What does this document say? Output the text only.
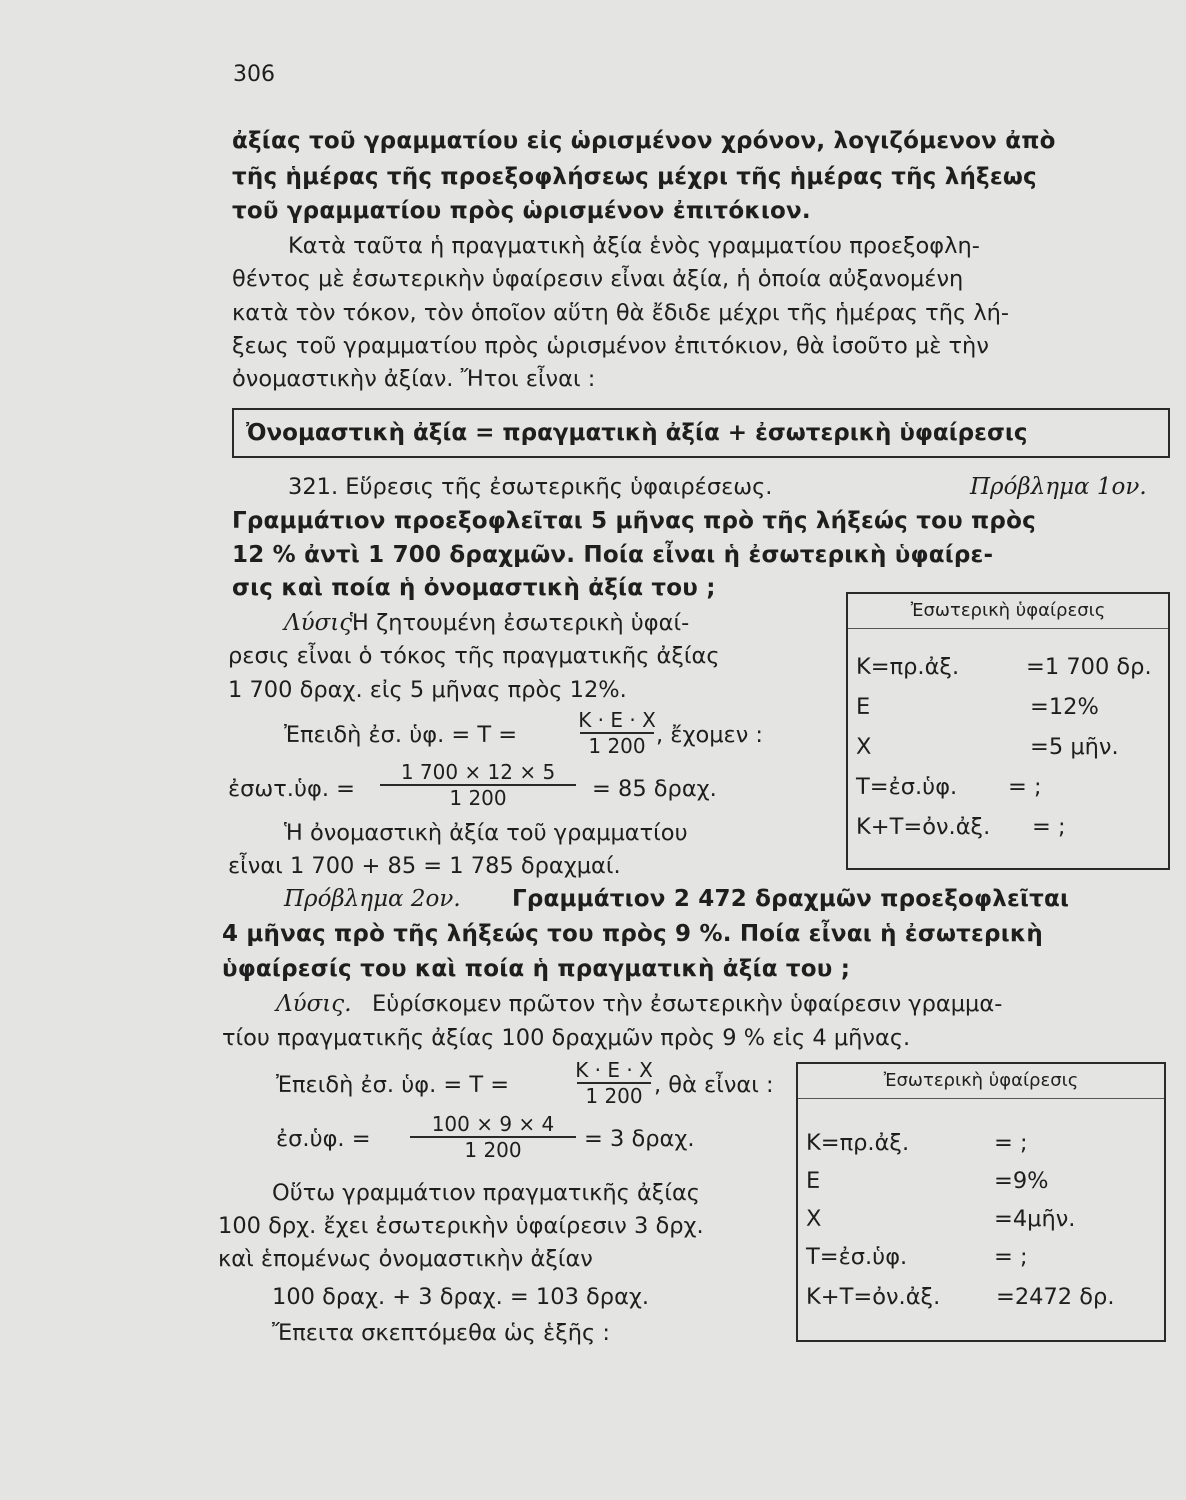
306
ἀξίας τοῦ γραμματίου εἰς ὡρισμένον χρόνον, λογιζόμενον ἀπὸ
τῆς ἡμέρας τῆς προεξοφλήσεως μέχρι τῆς ἡμέρας τῆς λήξεως
τοῦ γραμματίου πρὸς ὡρισμένον ἐπιτόκιον.
Κατὰ ταῦτα ἡ πραγματικὴ ἀξία ἑνὸς γραμματίου προεξοφλη-
θέντος μὲ ἐσωτερικὴν ὑφαίρεσιν εἶναι ἀξία, ἡ ὁποία αὐξανομένη
κατὰ τὸν τόκον, τὸν ὁποῖον αὕτη θὰ ἔδιδε μέχρι τῆς ἡμέρας τῆς λή-
ξεως τοῦ γραμματίου πρὸς ὡρισμένον ἐπιτόκιον, θὰ ἰσοῦτο μὲ τὴν
ὀνομαστικὴν ἀξίαν. Ἤτοι εἶναι :
Ὀνομαστικὴ ἀξία = πραγματικὴ ἀξία + ἐσωτερικὴ ὑφαίρεσις
321. Εὕρεσις τῆς ἐσωτερικῆς ὑφαιρέσεως.	Πρόβλημα 1ον.
Γραμμάτιον προεξοφλεῖται 5 μῆνας πρὸ τῆς λήξεώς του πρὸς
12 % ἀντὶ 1 700 δραχμῶν. Ποία εἶναι ἡ ἐσωτερικὴ ὑφαίρε-
σις καὶ ποία ἡ ὀνομαστικὴ ἀξία του ;
Λύσις.
Ἡ ζητουμένη ἐσωτερικὴ ὑφαί-
ρεσις εἶναι ὁ τόκος τῆς πραγματικῆς ἀξίας
1 700 δραχ. εἰς 5 μῆνας πρὸς 12%.
Ἐπειδὴ ἐσ. ὑφ. = Τ =
Κ · Ε · Χ
1 200 , ἔχομεν :
ἐσωτ.ὑφ. =
1 700 × 12 × 5
1 200	= 85 δραχ.
Ἡ ὀνομαστικὴ ἀξία τοῦ γραμματίου
εἶναι 1 700 + 85 = 1 785 δραχμαί.
Πρόβλημα 2ον. Γραμμάτιον 2 472 δραχμῶν προεξοφλεῖται
4 μῆνας πρὸ τῆς λήξεώς του πρὸς 9 %. Ποία εἶναι ἡ ἐσωτερικὴ
ὑφαίρεσίς του καὶ ποία ἡ πραγματικὴ ἀξία του ;
Λύσις. Εὑρίσκομεν πρῶτον τὴν ἐσωτερικὴν ὑφαίρεσιν γραμμα-
τίου πραγματικῆς ἀξίας 100 δραχμῶν πρὸς 9 % εἰς 4 μῆνας.
Ἐπειδὴ ἐσ. ὑφ. = Τ =
Κ · Ε · Χ
1 200 , θὰ εἶναι :
ἐσ.ὑφ. =
100 × 9 × 4
1 200	= 3 δραχ.
Οὕτω γραμμάτιον πραγματικῆς ἀξίας
100 δρχ. ἔχει ἐσωτερικὴν ὑφαίρεσιν 3 δρχ.
καὶ ἑπομένως ὀνομαστικὴν ἀξίαν
100 δραχ. + 3 δραχ. = 103 δραχ.
Ἔπειτα σκεπτόμεθα ὡς ἑξῆς :
Ἐσωτερικὴ ὑφαίρεσις
Κ=πρ.ἀξ.	=1 700 δρ.
Ε	=12%
Χ	=5 μῆν.
Τ=ἐσ.ὑφ. = ;
Κ+Τ=ὀν.ἀξ. = ;
Ἐσωτερικὴ ὑφαίρεσις
Κ=πρ.ἀξ.	= ;
Ε	=9%
Χ	=4μῆν.
Τ=ἐσ.ὑφ.	= ;
Κ+Τ=ὀν.ἀξ. =2472 δρ.
